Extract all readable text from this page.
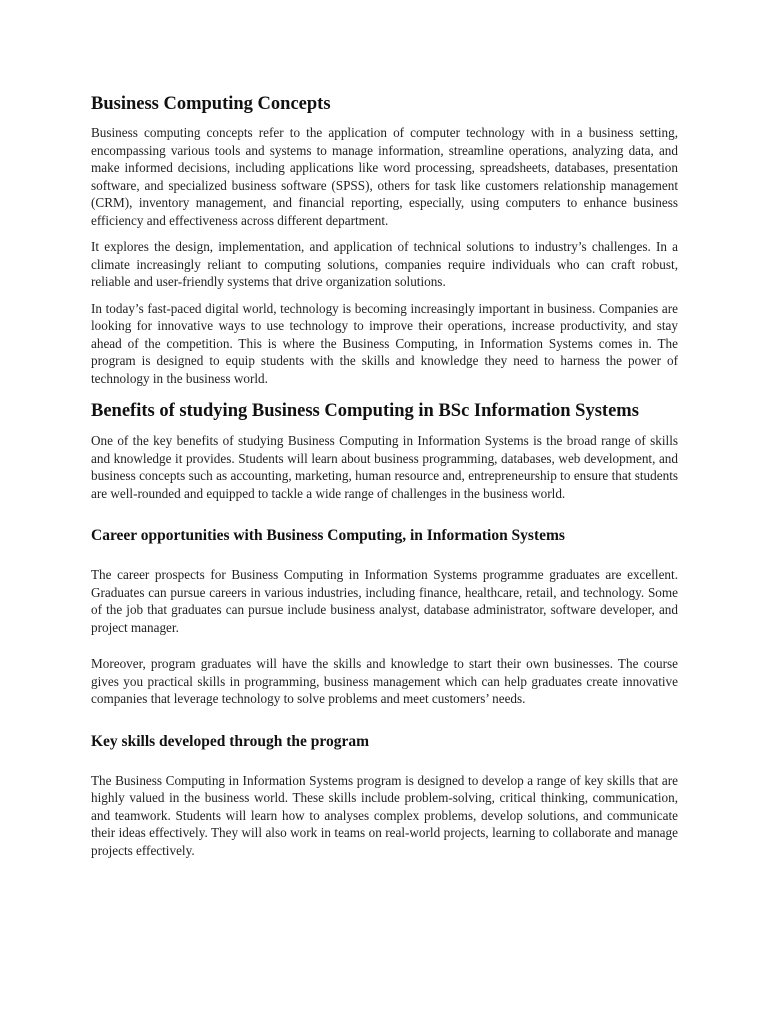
Business Computing Concepts

Business computing concepts refer to the application of computer technology with in a business setting, encompassing various tools and systems to manage information, streamline operations, analyzing data, and make informed decisions, including applications like word processing, spreadsheets, databases, presentation software, and specialized business software (SPSS), others for task like customers relationship management (CRM), inventory management, and financial reporting, especially, using computers to enhance business efficiency and effectiveness across different department.

It explores the design, implementation, and application of technical solutions to industry’s challenges. In a climate increasingly reliant to computing solutions, companies require individuals who can craft robust, reliable and user-friendly systems that drive organization solutions.

In today’s fast-paced digital world, technology is becoming increasingly important in business. Companies are looking for innovative ways to use technology to improve their operations, increase productivity, and stay ahead of the competition. This is where the Business Computing, in Information Systems comes in. The program is designed to equip students with the skills and knowledge they need to harness the power of technology in the business world.

Benefits of studying Business Computing in BSc Information Systems

One of the key benefits of studying Business Computing in Information Systems is the broad range of skills and knowledge it provides. Students will learn about business programming, databases, web development, and business concepts such as accounting, marketing, human resource and, entrepreneurship to ensure that students are well-rounded and equipped to tackle a wide range of challenges in the business world.

Career opportunities with Business Computing, in Information Systems

The career prospects for Business Computing in Information Systems programme graduates are excellent. Graduates can pursue careers in various industries, including finance, healthcare, retail, and technology. Some of the job that graduates can pursue include business analyst, database administrator, software developer, and project manager.

Moreover, program graduates will have the skills and knowledge to start their own businesses. The course gives you practical skills in programming, business management which can help graduates create innovative companies that leverage technology to solve problems and meet customers’ needs.

Key skills developed through the program

The Business Computing in Information Systems program is designed to develop a range of key skills that are highly valued in the business world. These skills include problem-solving, critical thinking, communication, and teamwork. Students will learn how to analyses complex problems, develop solutions, and communicate their ideas effectively. They will also work in teams on real-world projects, learning to collaborate and manage projects effectively.
